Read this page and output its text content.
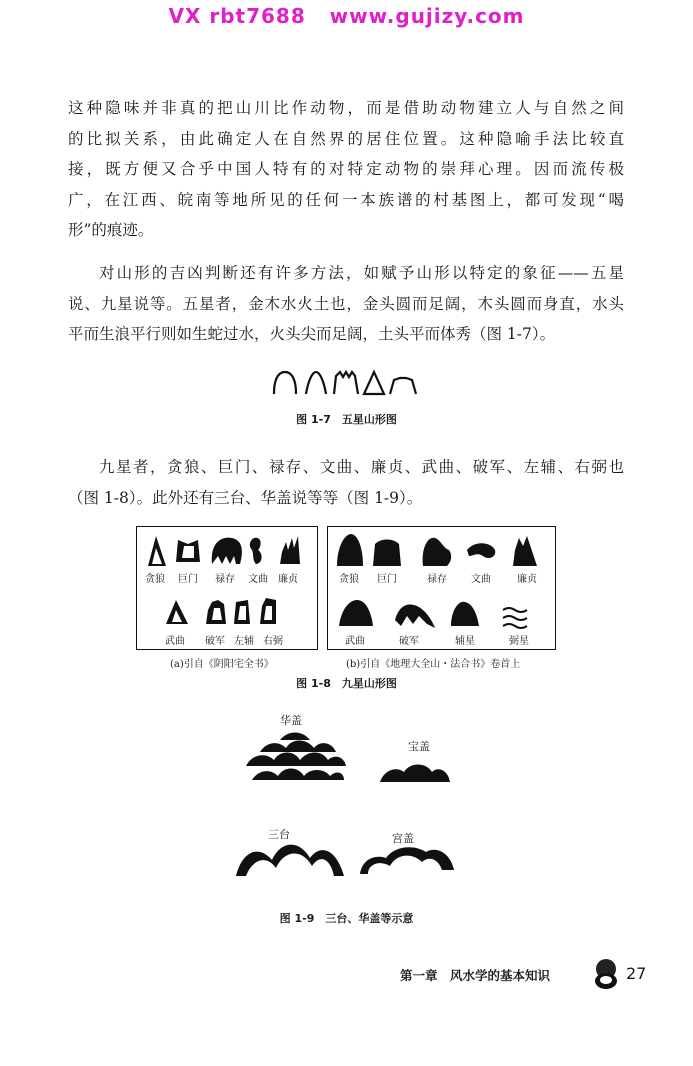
VX rbt7688   www.gujizy.com
这种隐味并非真的把山川比作动物，而是借助动物建立人与自然之间
的比拟关系，由此确定人在自然界的居住位置。这种隐喻手法比较直
接，既方便又合乎中国人特有的对特定动物的崇拜心理。因而流传极
广，在江西、皖南等地所见的任何一本族谱的村基图上，都可发现“喝
形”的痕迹。
对山形的吉凶判断还有许多方法，如赋予山形以特定的象征——五星
说、九星说等。五星者，金木水火土也，金头圆而足阔，木头圆而身直，水头
平而生浪平行则如生蛇过水，火头尖而足阔，土头平而体秀（图 1-7）。
图 1-7　五星山形图
九星者，贪狼、巨门、禄存、文曲、廉贞、武曲、破军、左辅、右弼也
（图 1-8）。此外还有三台、华盖说等等（图 1-9）。
贪狼 巨门 禄存 文曲 廉贞
武曲 破军 左辅 右弼
(a)引自《阴阳宅全书》
贪狼 巨门	禄存 文曲	廉贞
武曲	破军	辅星	弼星
(b)引自《地理大全山・法合书》卷首上
图 1-8　九星山形图
华盖
宝盖
三台	宫盖
图 1-9　三台、华盖等示意
第一章　风水学的基本知识	27
